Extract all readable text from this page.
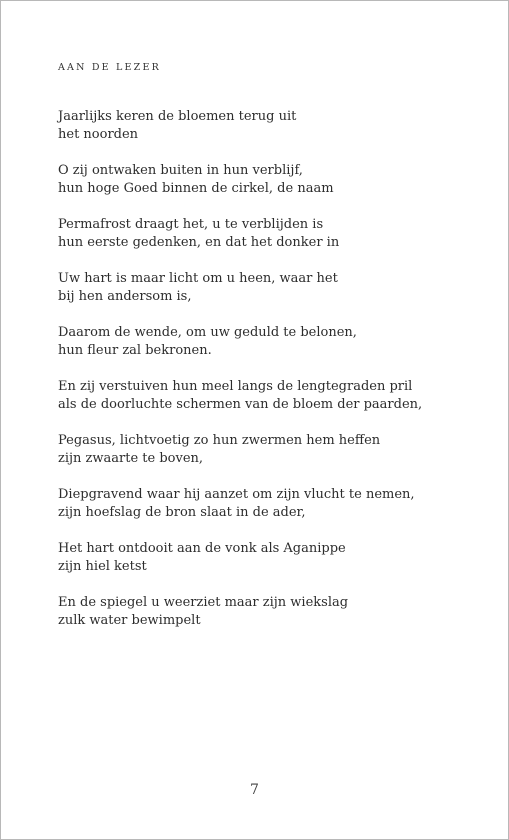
AAN DE LEZER
Jaarlijks keren de bloemen terug uit
het noorden
O zij ontwaken buiten in hun verblijf,
hun hoge Goed binnen de cirkel, de naam
Permafrost draagt het, u te verblijden is
hun eerste gedenken, en dat het donker in
Uw hart is maar licht om u heen, waar het
bij hen andersom is,
Daarom de wende, om uw geduld te belonen,
hun fleur zal bekronen.
En zij verstuiven hun meel langs de lengtegraden pril
als de doorluchte schermen van de bloem der paarden,
Pegasus, lichtvoetig zo hun zwermen hem heffen
zijn zwaarte te boven,
Diepgravend waar hij aanzet om zijn vlucht te nemen,
zijn hoefslag de bron slaat in de ader,
Het hart ontdooit aan de vonk als Aganippe
zijn hiel ketst
En de spiegel u weerziet maar zijn wiekslag
zulk water bewimpelt
7
